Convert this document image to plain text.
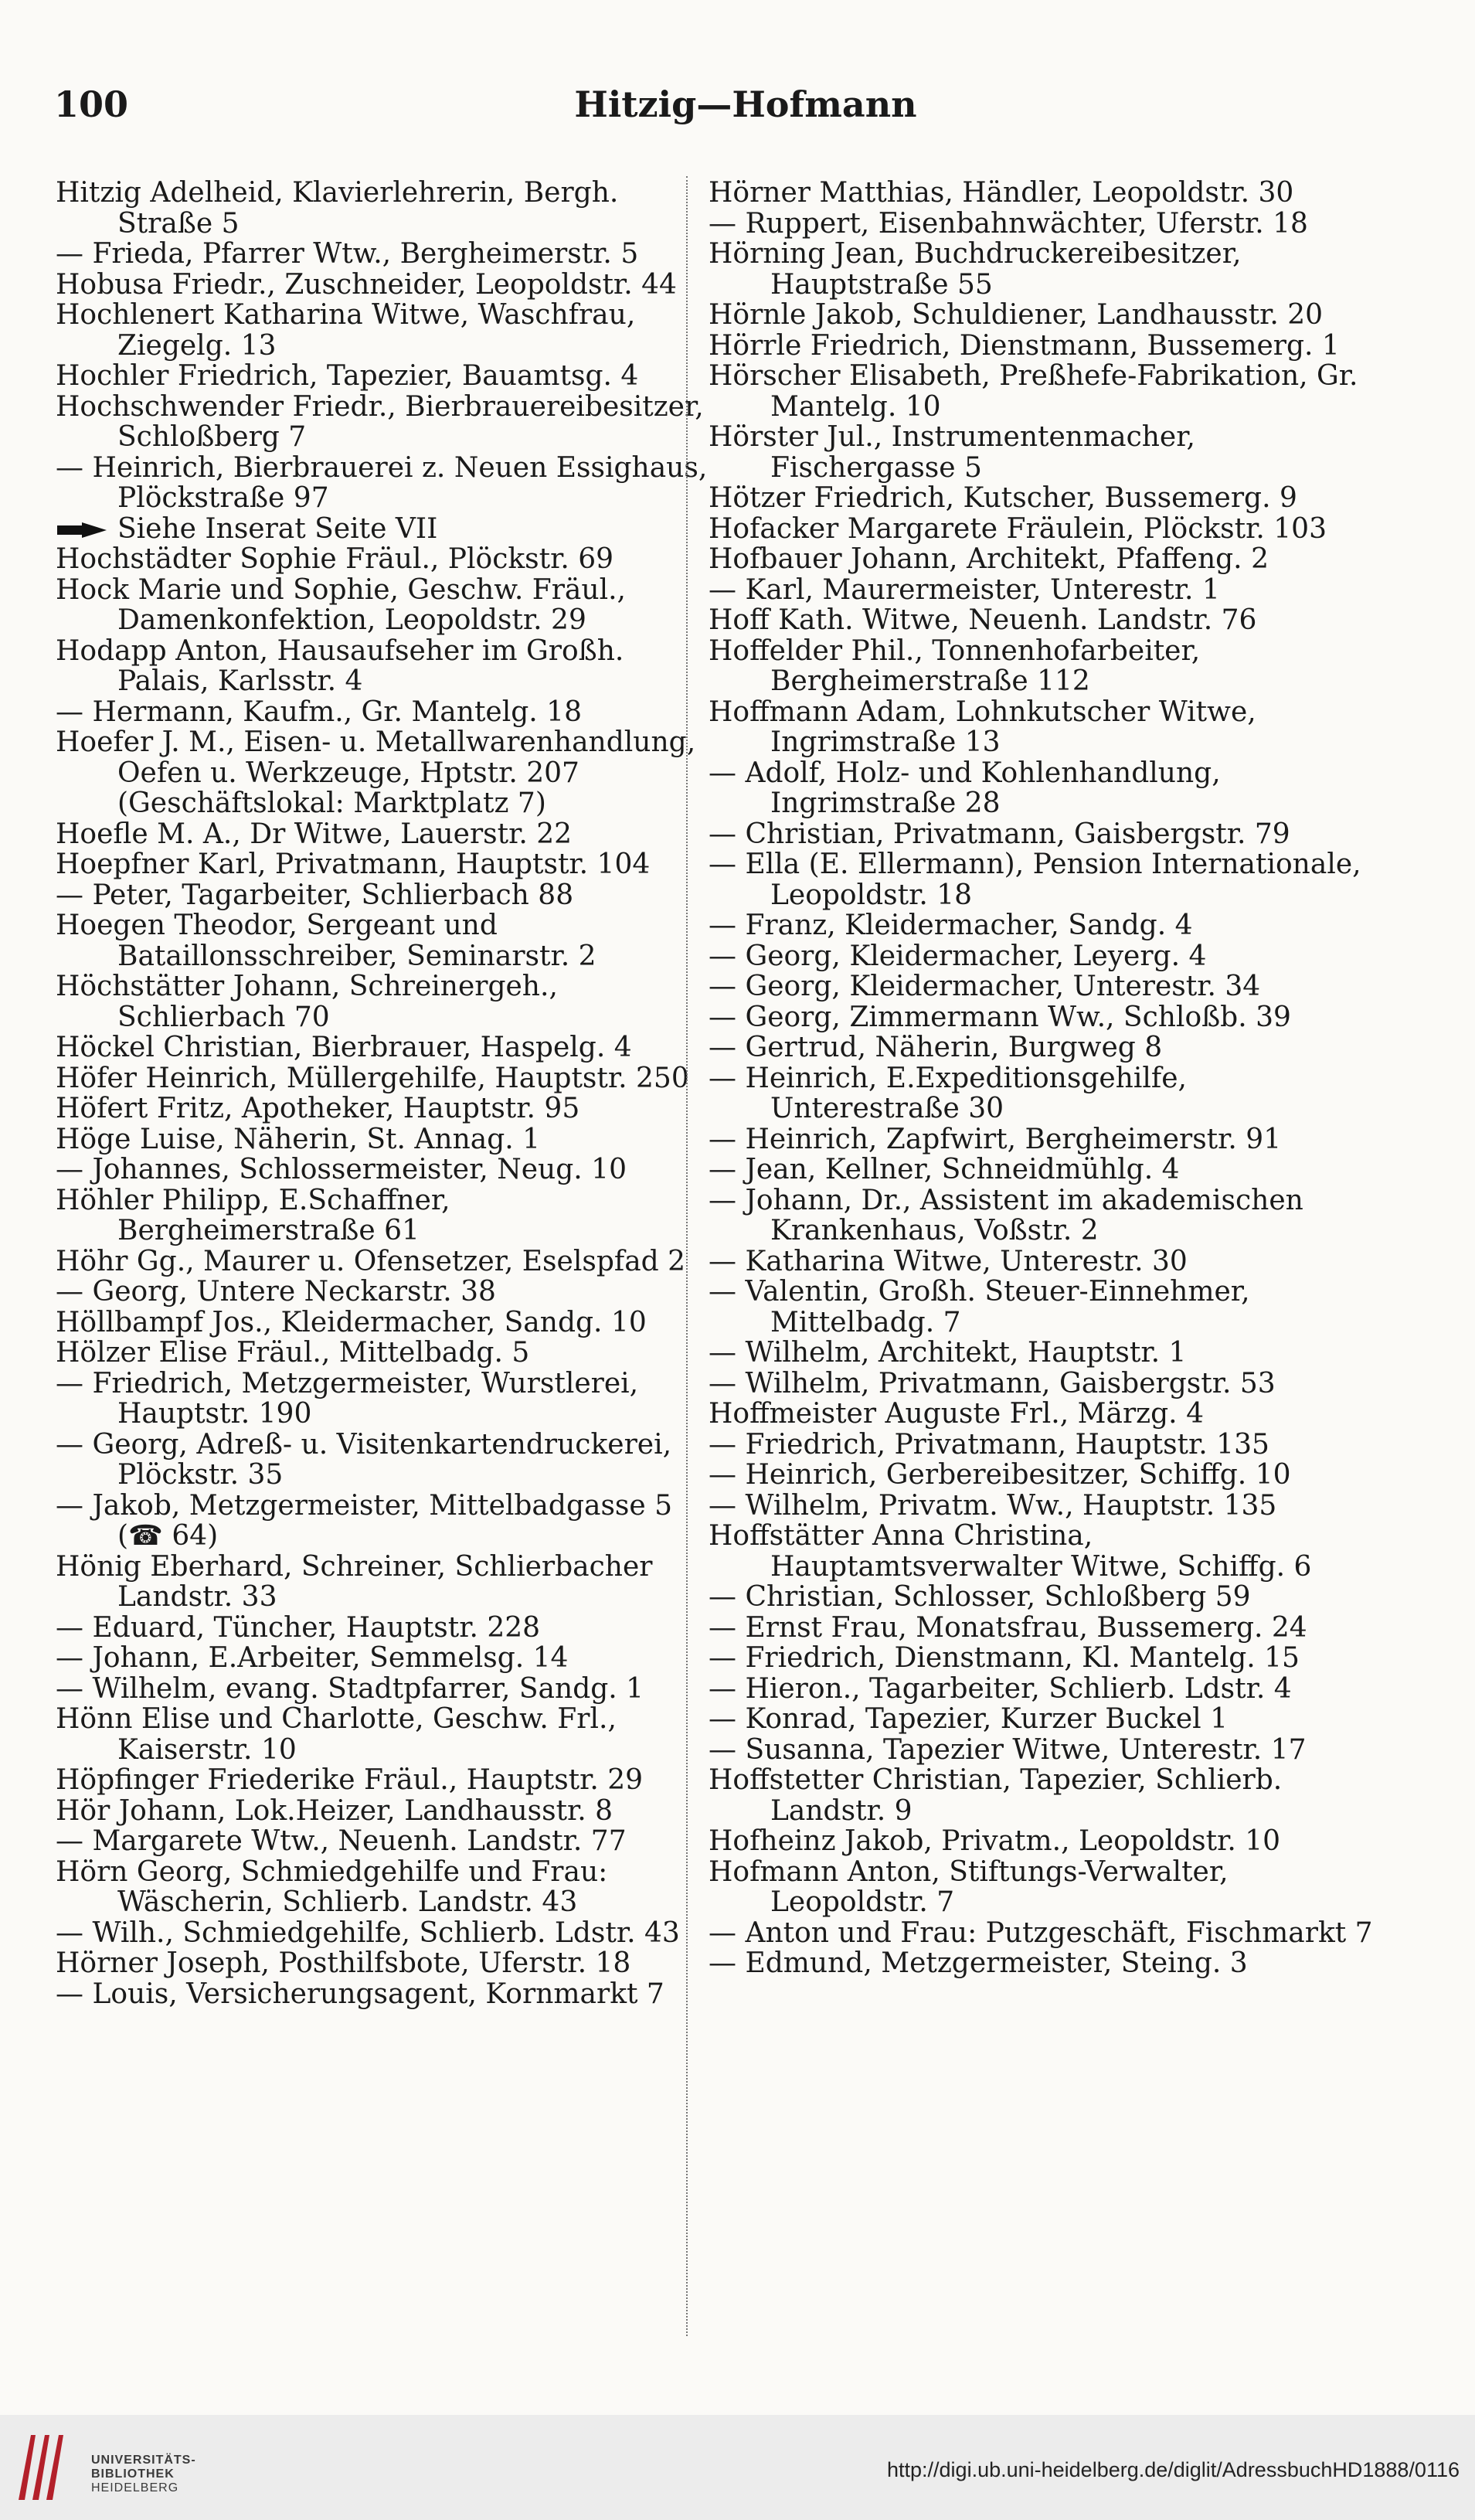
100	Hitzig—Hofmann
Hitzig Adelheid, Klavierlehrerin, Bergh. Straße 5
— Frieda, Pfarrer Wtw., Bergheimerstr. 5
Hobusa Friedr., Zuschneider, Leopoldstr. 44
Hochlenert Katharina Witwe, Waschfrau, Ziegelg. 13
Hochler Friedrich, Tapezier, Bauamtsg. 4
Hochschwender Friedr., Bierbrauereibesitzer, Schloßberg 7
— Heinrich, Bierbrauerei z. Neuen Essighaus, Plöckstraße 97
Siehe Inserat Seite VII
Hochstädter Sophie Fräul., Plöckstr. 69
Hock Marie und Sophie, Geschw. Fräul., Damenkonfektion, Leopoldstr. 29
Hodapp Anton, Hausaufseher im Großh. Palais, Karlsstr. 4
— Hermann, Kaufm., Gr. Mantelg. 18
Hoefer J. M., Eisen- u. Metallwarenhandlung, Oefen u. Werkzeuge, Hptstr. 207 (Geschäftslokal: Marktplatz 7)
Hoefle M. A., Dr Witwe, Lauerstr. 22
Hoepfner Karl, Privatmann, Hauptstr. 104
— Peter, Tagarbeiter, Schlierbach 88
Hoegen Theodor, Sergeant und Bataillonsschreiber, Seminarstr. 2
Höchstätter Johann, Schreinergeh., Schlierbach 70
Höckel Christian, Bierbrauer, Haspelg. 4
Höfer Heinrich, Müllergehilfe, Hauptstr. 250
Höfert Fritz, Apotheker, Hauptstr. 95
Höge Luise, Näherin, St. Annag. 1
— Johannes, Schlossermeister, Neug. 10
Höhler Philipp, E.Schaffner, Bergheimerstraße 61
Höhr Gg., Maurer u. Ofensetzer, Eselspfad 2
— Georg, Untere Neckarstr. 38
Höllbampf Jos., Kleidermacher, Sandg. 10
Hölzer Elise Fräul., Mittelbadg. 5
— Friedrich, Metzgermeister, Wurstlerei, Hauptstr. 190
— Georg, Adreß- u. Visitenkartendruckerei, Plöckstr. 35
— Jakob, Metzgermeister, Mittelbadgasse 5 (☎ 64)
Hönig Eberhard, Schreiner, Schlierbacher Landstr. 33
— Eduard, Tüncher, Hauptstr. 228
— Johann, E.Arbeiter, Semmelsg. 14
— Wilhelm, evang. Stadtpfarrer, Sandg. 1
Hönn Elise und Charlotte, Geschw. Frl., Kaiserstr. 10
Höpfinger Friederike Fräul., Hauptstr. 29
Hör Johann, Lok.Heizer, Landhausstr. 8
— Margarete Wtw., Neuenh. Landstr. 77
Hörn Georg, Schmiedgehilfe und Frau: Wäscherin, Schlierb. Landstr. 43
— Wilh., Schmiedgehilfe, Schlierb. Ldstr. 43
Hörner Joseph, Posthilfsbote, Uferstr. 18
— Louis, Versicherungsagent, Kornmarkt 7
Hörner Matthias, Händler, Leopoldstr. 30
— Ruppert, Eisenbahnwächter, Uferstr. 18
Hörning Jean, Buchdruckereibesitzer, Hauptstraße 55
Hörnle Jakob, Schuldiener, Landhausstr. 20
Hörrle Friedrich, Dienstmann, Bussemerg. 1
Hörscher Elisabeth, Preßhefe-Fabrikation, Gr. Mantelg. 10
Hörster Jul., Instrumentenmacher, Fischergasse 5
Hötzer Friedrich, Kutscher, Bussemerg. 9
Hofacker Margarete Fräulein, Plöckstr. 103
Hofbauer Johann, Architekt, Pfaffeng. 2
— Karl, Maurermeister, Unterestr. 1
Hoff Kath. Witwe, Neuenh. Landstr. 76
Hoffelder Phil., Tonnenhofarbeiter, Bergheimerstraße 112
Hoffmann Adam, Lohnkutscher Witwe, Ingrimstraße 13
— Adolf, Holz- und Kohlenhandlung, Ingrimstraße 28
— Christian, Privatmann, Gaisbergstr. 79
— Ella (E. Ellermann), Pension Internationale, Leopoldstr. 18
— Franz, Kleidermacher, Sandg. 4
— Georg, Kleidermacher, Leyerg. 4
— Georg, Kleidermacher, Unterestr. 34
— Georg, Zimmermann Ww., Schloßb. 39
— Gertrud, Näherin, Burgweg 8
— Heinrich, E.Expeditionsgehilfe, Unterestraße 30
— Heinrich, Zapfwirt, Bergheimerstr. 91
— Jean, Kellner, Schneidmühlg. 4
— Johann, Dr., Assistent im akademischen Krankenhaus, Voßstr. 2
— Katharina Witwe, Unterestr. 30
— Valentin, Großh. Steuer-Einnehmer, Mittelbadg. 7
— Wilhelm, Architekt, Hauptstr. 1
— Wilhelm, Privatmann, Gaisbergstr. 53
Hoffmeister Auguste Frl., Märzg. 4
— Friedrich, Privatmann, Hauptstr. 135
— Heinrich, Gerbereibesitzer, Schiffg. 10
— Wilhelm, Privatm. Ww., Hauptstr. 135
Hoffstätter Anna Christina, Hauptamtsverwalter Witwe, Schiffg. 6
— Christian, Schlosser, Schloßberg 59
— Ernst Frau, Monatsfrau, Bussemerg. 24
— Friedrich, Dienstmann, Kl. Mantelg. 15
— Hieron., Tagarbeiter, Schlierb. Ldstr. 4
— Konrad, Tapezier, Kurzer Buckel 1
— Susanna, Tapezier Witwe, Unterestr. 17
Hoffstetter Christian, Tapezier, Schlierb. Landstr. 9
Hofheinz Jakob, Privatm., Leopoldstr. 10
Hofmann Anton, Stiftungs-Verwalter, Leopoldstr. 7
— Anton und Frau: Putzgeschäft, Fischmarkt 7
— Edmund, Metzgermeister, Steing. 3
UNIVERSITÄTS-
BIBLIOTHEK
HEIDELBERG
http://digi.ub.uni-heidelberg.de/diglit/AdressbuchHD1888/0116
